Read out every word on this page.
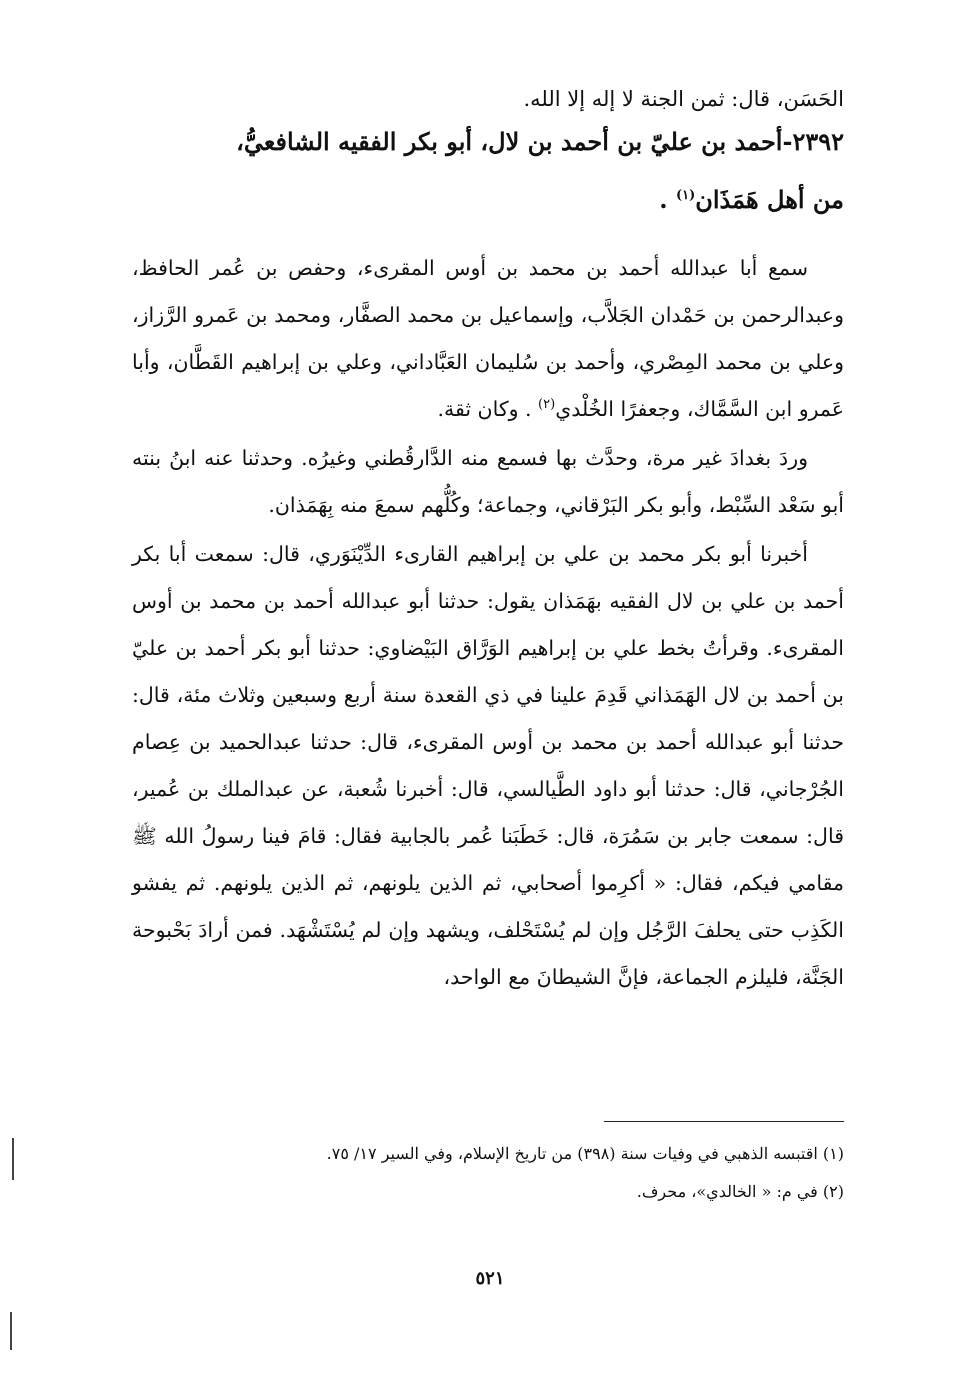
الحَسَن، قال: ثمن الجنة لا إله إلا الله.

٢٣٩٢-أحمد بن عليّ بن أحمد بن لال، أبو بكر الفقيه الشافعيُّ،

من أهل هَمَذَان$^{(١)}$ .

سمع أبا عبدالله أحمد بن محمد بن أوس المقرىء، وحفص بن عُمر الحافظ، وعبدالرحمن بن حَمْدان الجَلاَّب، وإسماعيل بن محمد الصفَّار، ومحمد بن عَمرو الرَّزاز، وعلي بن محمد المِصْري، وأحمد بن سُليمان العَبَّاداني، وعلي بن إبراهيم القَطَّان، وأبا عَمرو ابن السَّمَّاك، وجعفرًا الخُلْدي$^{(٢)}$ . وكان ثقة.

وردَ بغدادَ غير مرة، وحدَّث بها فسمع منه الدَّارقُطني وغيرُه. وحدثنا عنه ابنُ بنته أبو سَعْد السِّبْط، وأبو بكر البَرْقاني، وجماعة؛ وكُلُّهم سمعَ منه بِهَمَذان.

أخبرنا أبو بكر محمد بن علي بن إبراهيم القارىء الدِّيْنَوَري، قال: سمعت أبا بكر أحمد بن علي بن لال الفقيه بهَمَذان يقول: حدثنا أبو عبدالله أحمد بن محمد بن أوس المقرىء. وقرأتُ بخط علي بن إبراهيم الوَرَّاق البَيْضاوي: حدثنا أبو بكر أحمد بن عليّ بن أحمد بن لال الهَمَذاني قَدِمَ علينا في ذي القعدة سنة أربع وسبعين وثلاث مئة، قال: حدثنا أبو عبدالله أحمد بن محمد بن أوس المقرىء، قال: حدثنا عبدالحميد بن عِصام الجُرْجاني، قال: حدثنا أبو داود الطَّيالسي، قال: أخبرنا شُعبة، عن عبدالملك بن عُمير، قال: سمعت جابر بن سَمُرَة، قال: خَطَبَنا عُمر بالجابية فقال: قامَ فينا رسولُ الله ﷺ مقامي فيكم، فقال: « أكرِموا أصحابي، ثم الذين يلونهم، ثم الذين يلونهم. ثم يفشو الكَذِب حتى يحلفَ الرَّجُل وإن لم يُسْتَحْلف، ويشهد وإن لم يُسْتَشْهَد. فمن أرادَ بَحْبوحة الجَنَّة، فليلزم الجماعة، فإنَّ الشيطانَ مع الواحد،

(١) اقتبسه الذهبي في وفيات سنة (٣٩٨) من تاريخ الإسلام، وفي السير ١٧/ ٧٥.

(٢) في م: « الخالدي»، محرف.

٥٢١
